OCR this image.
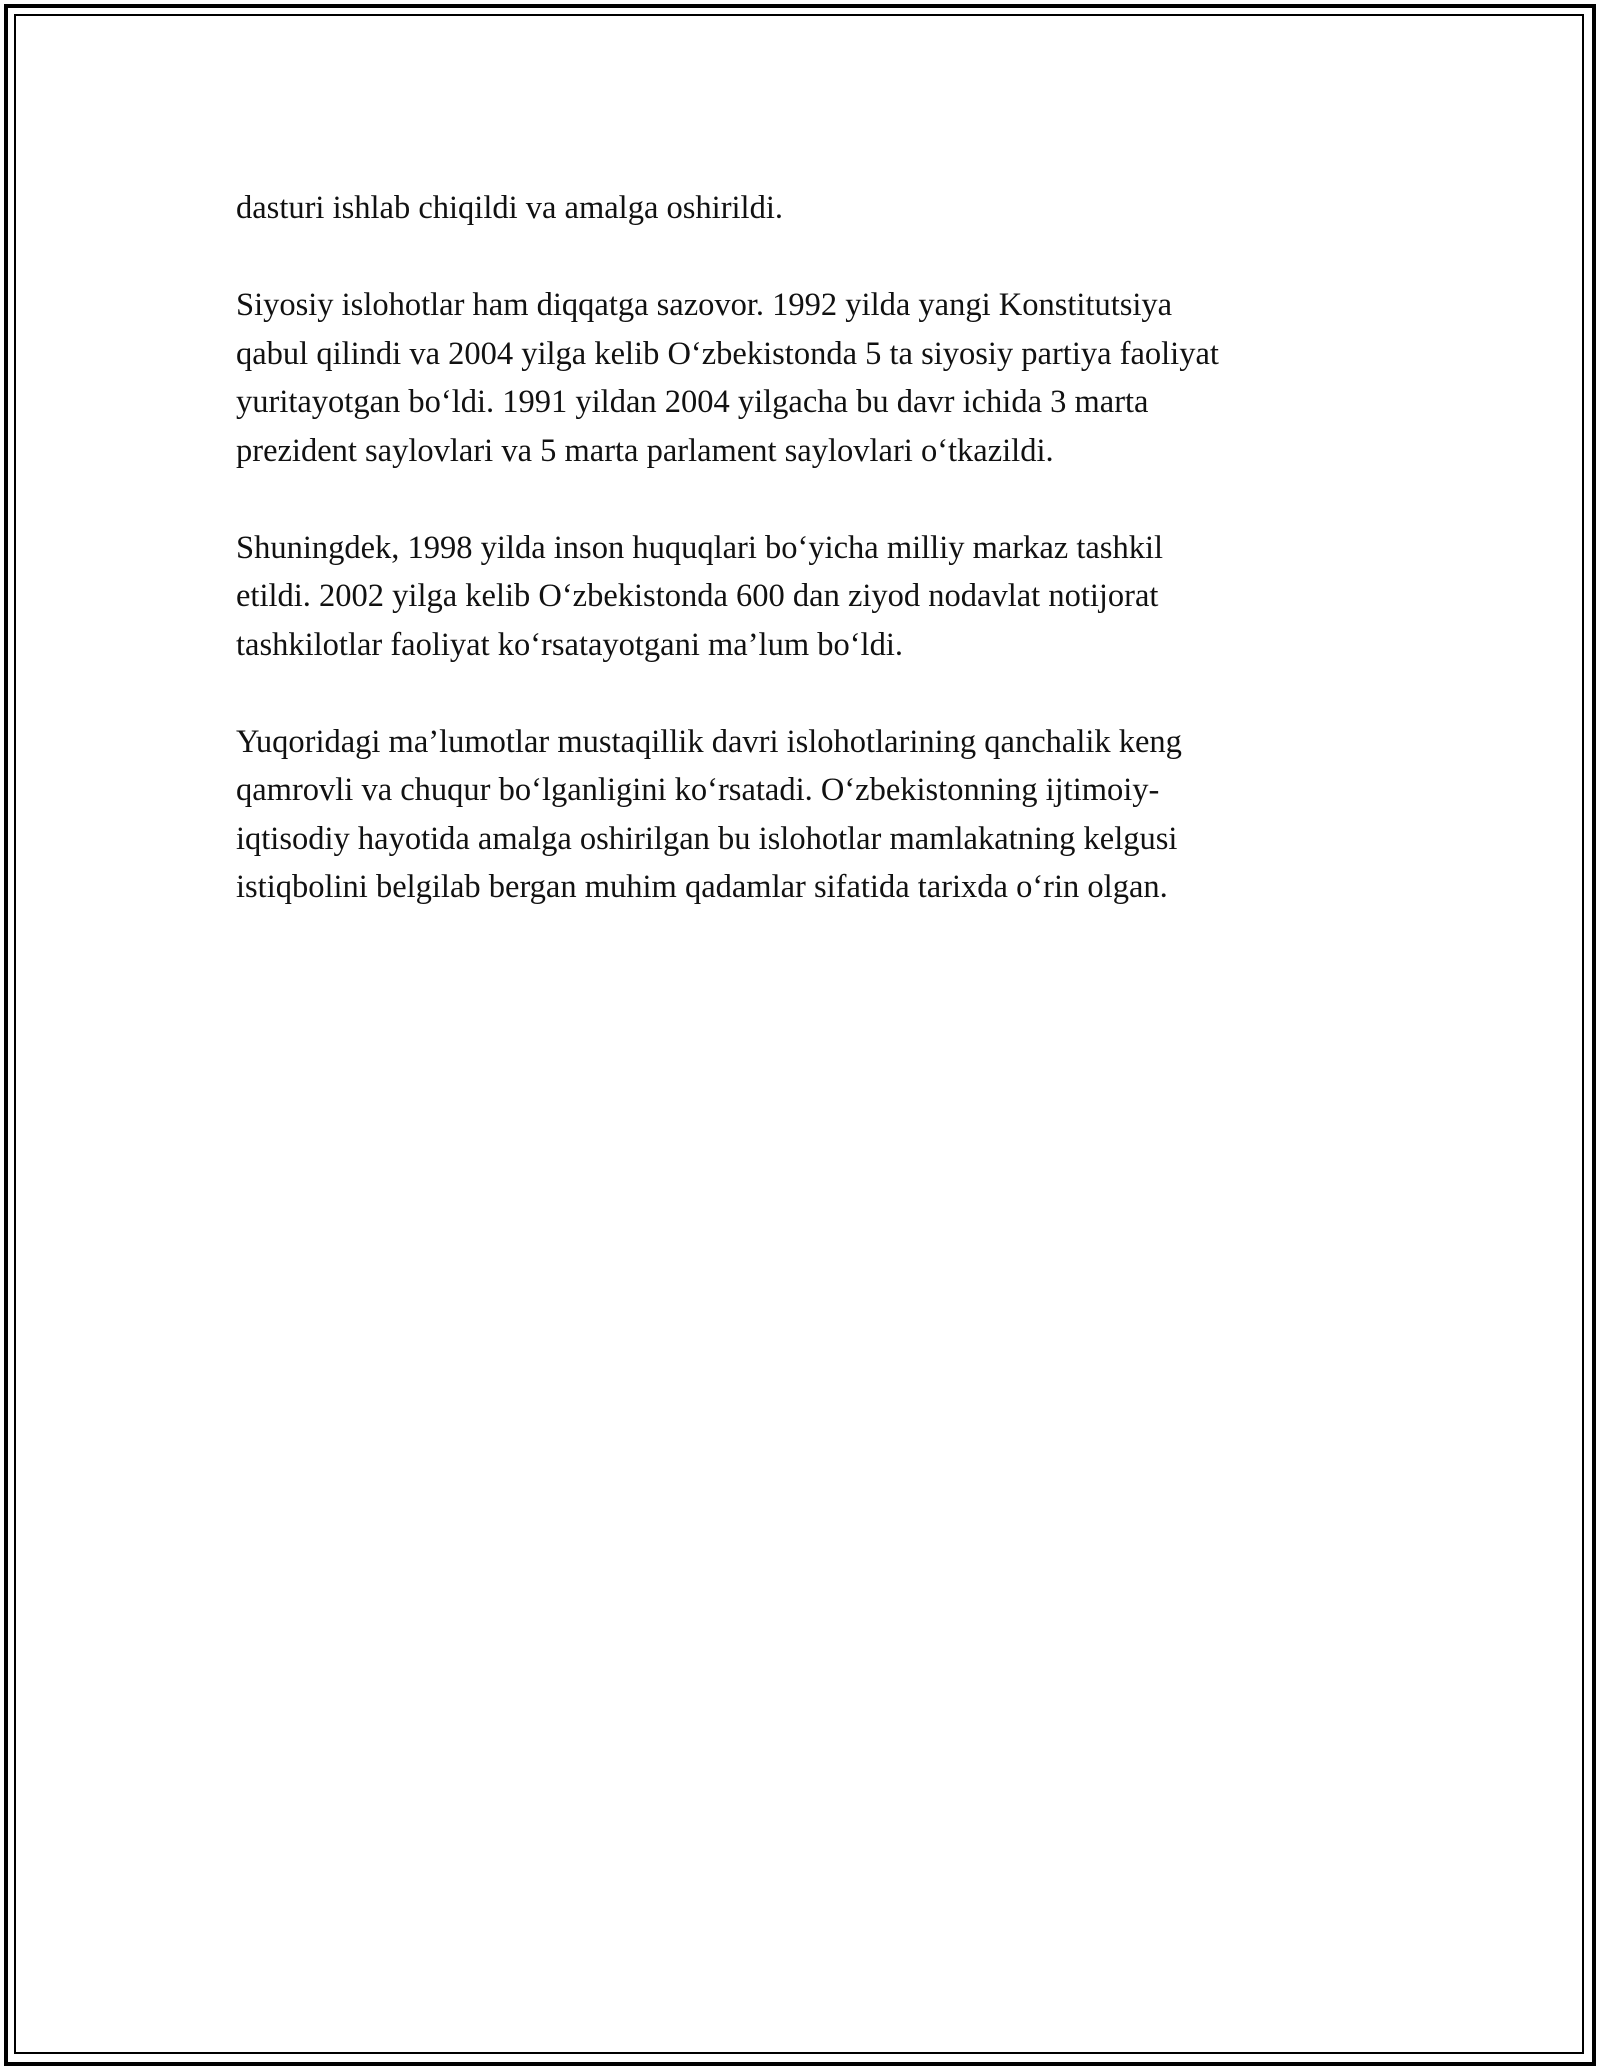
dasturi ishlab chiqildi va amalga oshirildi.

Siyosiy islohotlar ham diqqatga sazovor. 1992 yilda yangi Konstitutsiya
qabul qilindi va 2004 yilga kelib O‘zbekistonda 5 ta siyosiy partiya faoliyat
yuritayotgan bo‘ldi. 1991 yildan 2004 yilgacha bu davr ichida 3 marta
prezident saylovlari va 5 marta parlament saylovlari o‘tkazildi.

Shuningdek, 1998 yilda inson huquqlari bo‘yicha milliy markaz tashkil
etildi. 2002 yilga kelib O‘zbekistonda 600 dan ziyod nodavlat notijorat
tashkilotlar faoliyat ko‘rsatayotgani ma’lum bo‘ldi.

Yuqoridagi ma’lumotlar mustaqillik davri islohotlarining qanchalik keng
qamrovli va chuqur bo‘lganligini ko‘rsatadi. O‘zbekistonning ijtimoiy-
iqtisodiy hayotida amalga oshirilgan bu islohotlar mamlakatning kelgusi
istiqbolini belgilab bergan muhim qadamlar sifatida tarixda o‘rin olgan.
